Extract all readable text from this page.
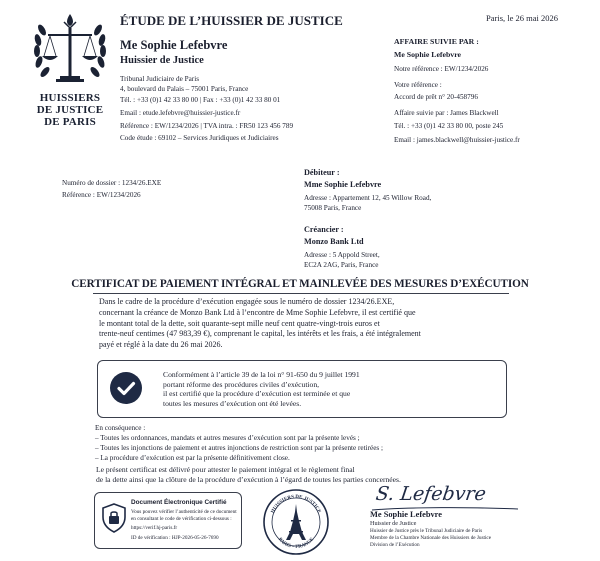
HUISSIERS
DE JUSTICE
DE PARIS
ÉTUDE DE L’HUISSIER DE JUSTICE
Me Sophie Lefebvre
Huissier de Justice
Tribunal Judiciaire de Paris
4, boulevard du Palais – 75001 Paris, France
Tél. : +33 (0)1 42 33 80 00 | Fax : +33 (0)1 42 33 80 01
Email : etude.lefebvre@huissier-justice.fr
Référence : EW/1234/2026 | TVA intra. : FR50 123 456 789
Code étude : 69102 – Services Juridiques et Judiciaires
Paris, le 26 mai 2026
AFFAIRE SUIVIE PAR :
Me Sophie Lefebvre
Notre référence : EW/1234/2026
Votre référence :
Accord de prêt n° 20-458796
Affaire suivie par : James Blackwell
Tél. : +33 (0)1 42 33 80 00, poste 245
Email : james.blackwell@huissier-justice.fr
Numéro de dossier : 1234/26.EXE
Référence : EW/1234/2026
Débiteur :
Mme Sophie Lefebvre
Adresse : Appartement 12, 45 Willow Road,
75008 Paris, France
Créancier :
Monzo Bank Ltd
Adresse : 5 Appold Street,
EC2A 2AG, Paris, France
CERTIFICAT DE PAIEMENT INTÉGRAL ET MAINLEVÉE DES MESURES D’EXÉCUTION
Dans le cadre de la procédure d’exécution engagée sous le numéro de dossier 1234/26.EXE,
concernant la créance de Monzo Bank Ltd à l’encontre de Mme Sophie Lefebvre, il est certifié que
le montant total de la dette, soit quarante-sept mille neuf cent quatre-vingt-trois euros et
trente-neuf centimes (47 983,39 €), comprenant le capital, les intérêts et les frais, a été intégralement
payé et réglé à la date du 26 mai 2026.
Conformément à l’article 39 de la loi n° 91-650 du 9 juillet 1991
portant réforme des procédures civiles d’exécution,
il est certifié que la procédure d’exécution est terminée et que
toutes les mesures d’exécution ont été levées.
En conséquence :
– Toutes les ordonnances, mandats et autres mesures d’exécution sont par la présente levés ;
– Toutes les injonctions de paiement et autres injonctions de restriction sont par la présente retirées ;
– La procédure d’exécution est par la présente définitivement close.
Le présent certificat est délivré pour attester le paiement intégral et le règlement final
de la dette ainsi que la clôture de la procédure d’exécution à l’égard de toutes les parties concernées.
Document Électronique Certifié
Vous pouvez vérifier l’authenticité de ce document
en consultant le code de vérification ci-dessous :
https://verif.hj-paris.fr
ID de vérification : HJP-2026-05-26-7690
HUISSIERS DE JUSTICE
PARIS – FRANCE
S. Lefebvre
Me Sophie Lefebvre
Huissier de Justice
Huissier de Justice près le Tribunal Judiciaire de Paris
Membre de la Chambre Nationale des Huissiers de Justice
Division de l’Exécution
